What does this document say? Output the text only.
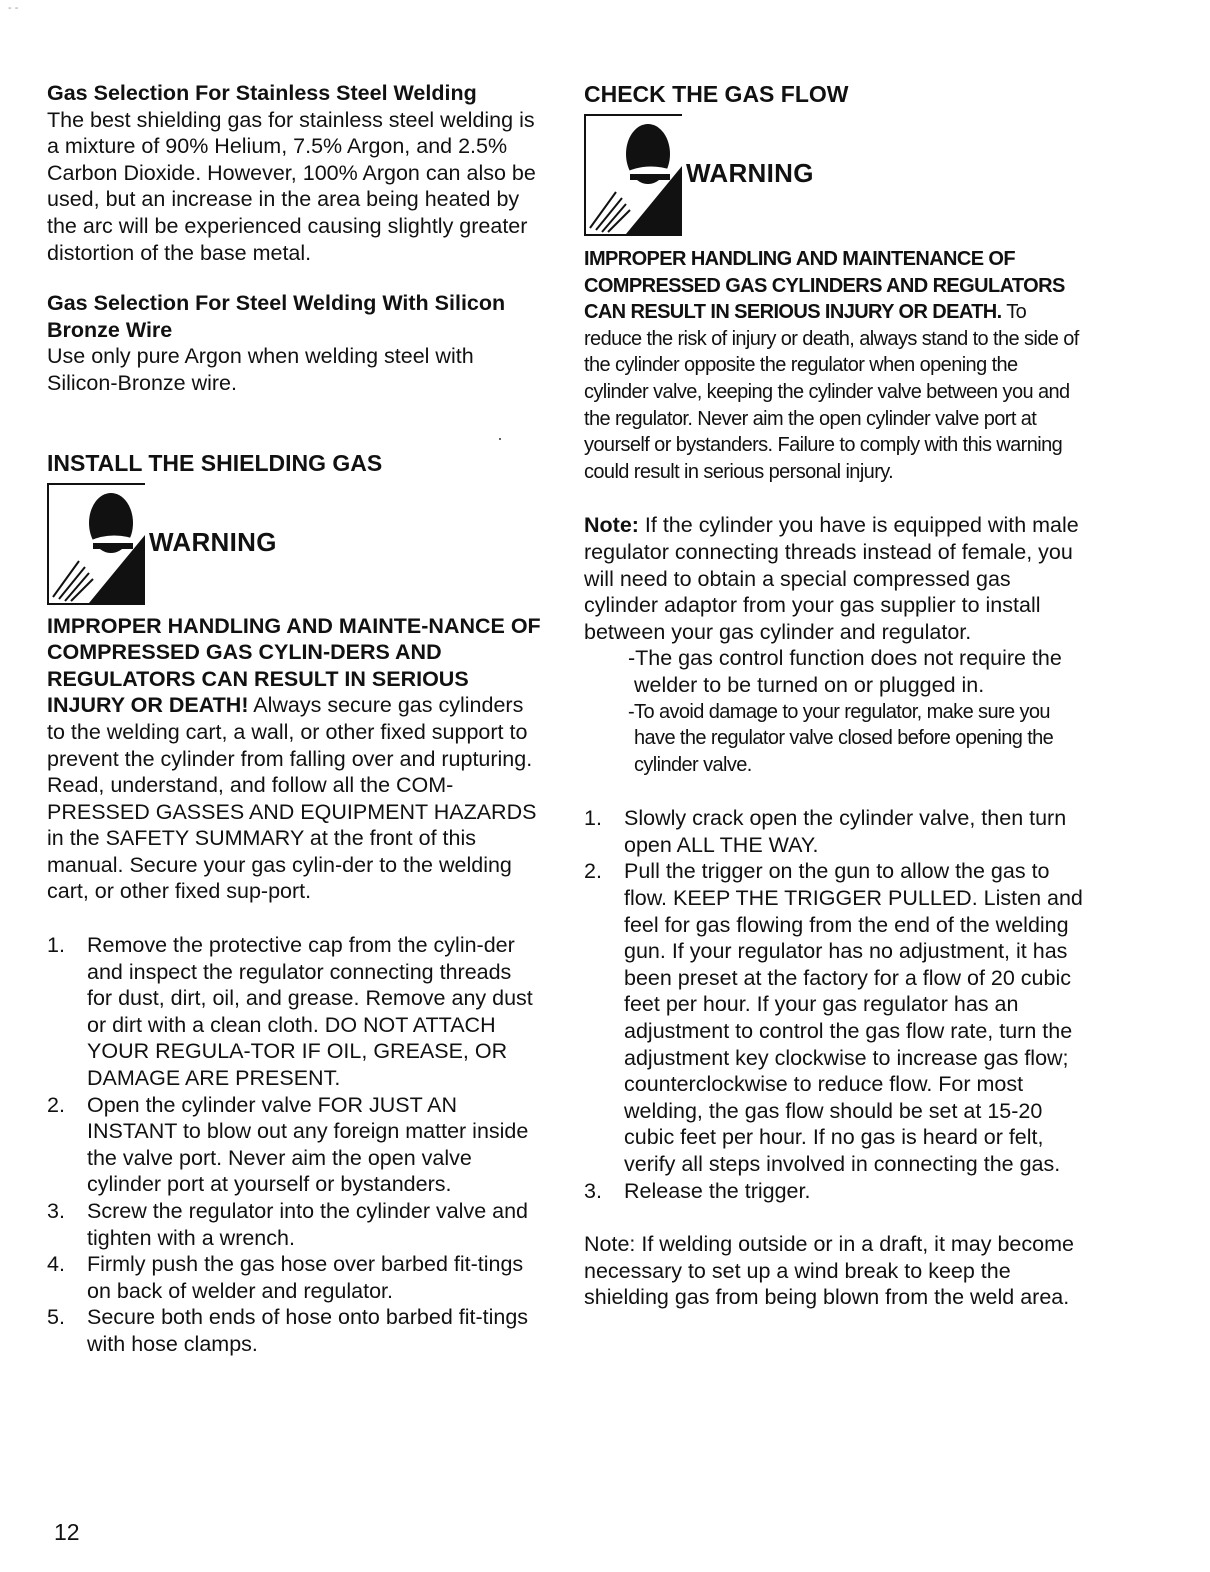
- -

Gas Selection For Stainless Steel Welding

The best shielding gas for stainless steel welding is a mixture of 90% Helium, 7.5% Argon, and 2.5% Carbon Dioxide. However, 100% Argon can also be used, but an increase in the area being heated by the arc will be experienced causing slightly greater distortion of the base metal.

Gas Selection For Steel Welding With Silicon Bronze Wire

Use only pure Argon when welding steel with Silicon-Bronze wire.

INSTALL THE SHIELDING GAS

WARNING

IMPROPER HANDLING AND MAINTE-NANCE OF COMPRESSED GAS CYLIN-DERS AND REGULATORS CAN RESULT IN SERIOUS INJURY OR DEATH! Always secure gas cylinders to the welding cart, a wall, or other fixed support to prevent the cylinder from falling over and rupturing. Read, understand, and follow all the COM-PRESSED GASSES AND EQUIPMENT HAZARDS in the SAFETY SUMMARY at the front of this manual. Secure your gas cylin-der to the welding cart, or other fixed sup-port.

1. Remove the protective cap from the cylin-der and inspect the regulator connecting threads for dust, dirt, oil, and grease. Remove any dust or dirt with a clean cloth. DO NOT ATTACH YOUR REGULA-TOR IF OIL, GREASE, OR DAMAGE ARE PRESENT.
2. Open the cylinder valve FOR JUST AN INSTANT to blow out any foreign matter inside the valve port. Never aim the open valve cylinder port at yourself or bystanders.
3. Screw the regulator into the cylinder valve and tighten with a wrench.
4. Firmly push the gas hose over barbed fit-tings on back of welder and regulator.
5. Secure both ends of hose onto barbed fit-tings with hose clamps.

CHECK THE GAS FLOW

WARNING

IMPROPER HANDLING AND MAINTENANCE OF COMPRESSED GAS CYLINDERS AND REGULATORS CAN RESULT IN SERIOUS INJURY OR DEATH. To reduce the risk of injury or death, always stand to the side of the cylinder opposite the regulator when opening the cylinder valve, keeping the cylinder valve between you and the regulator. Never aim the open cylinder valve port at yourself or bystanders. Failure to comply with this warning could result in serious personal injury.

Note: If the cylinder you have is equipped with male regulator connecting threads instead of female, you will need to obtain a special compressed gas cylinder adaptor from your gas supplier to install between your gas cylinder and regulator.

-The gas control function does not require the welder to be turned on or plugged in.

-To avoid damage to your regulator, make sure you have the regulator valve closed before opening the cylinder valve.

1. Slowly crack open the cylinder valve, then turn open ALL THE WAY.
2. Pull the trigger on the gun to allow the gas to flow. KEEP THE TRIGGER PULLED. Listen and feel for gas flowing from the end of the welding gun. If your regulator has no adjustment, it has been preset at the factory for a flow of 20 cubic feet per hour. If your gas regulator has an adjustment to control the gas flow rate, turn the adjustment key clockwise to increase gas flow; counterclockwise to reduce flow. For most welding, the gas flow should be set at 15-20 cubic feet per hour. If no gas is heard or felt, verify all steps involved in connecting the gas.
3. Release the trigger.

Note: If welding outside or in a draft, it may become necessary to set up a wind break to keep the shielding gas from being blown from the weld area.

12
